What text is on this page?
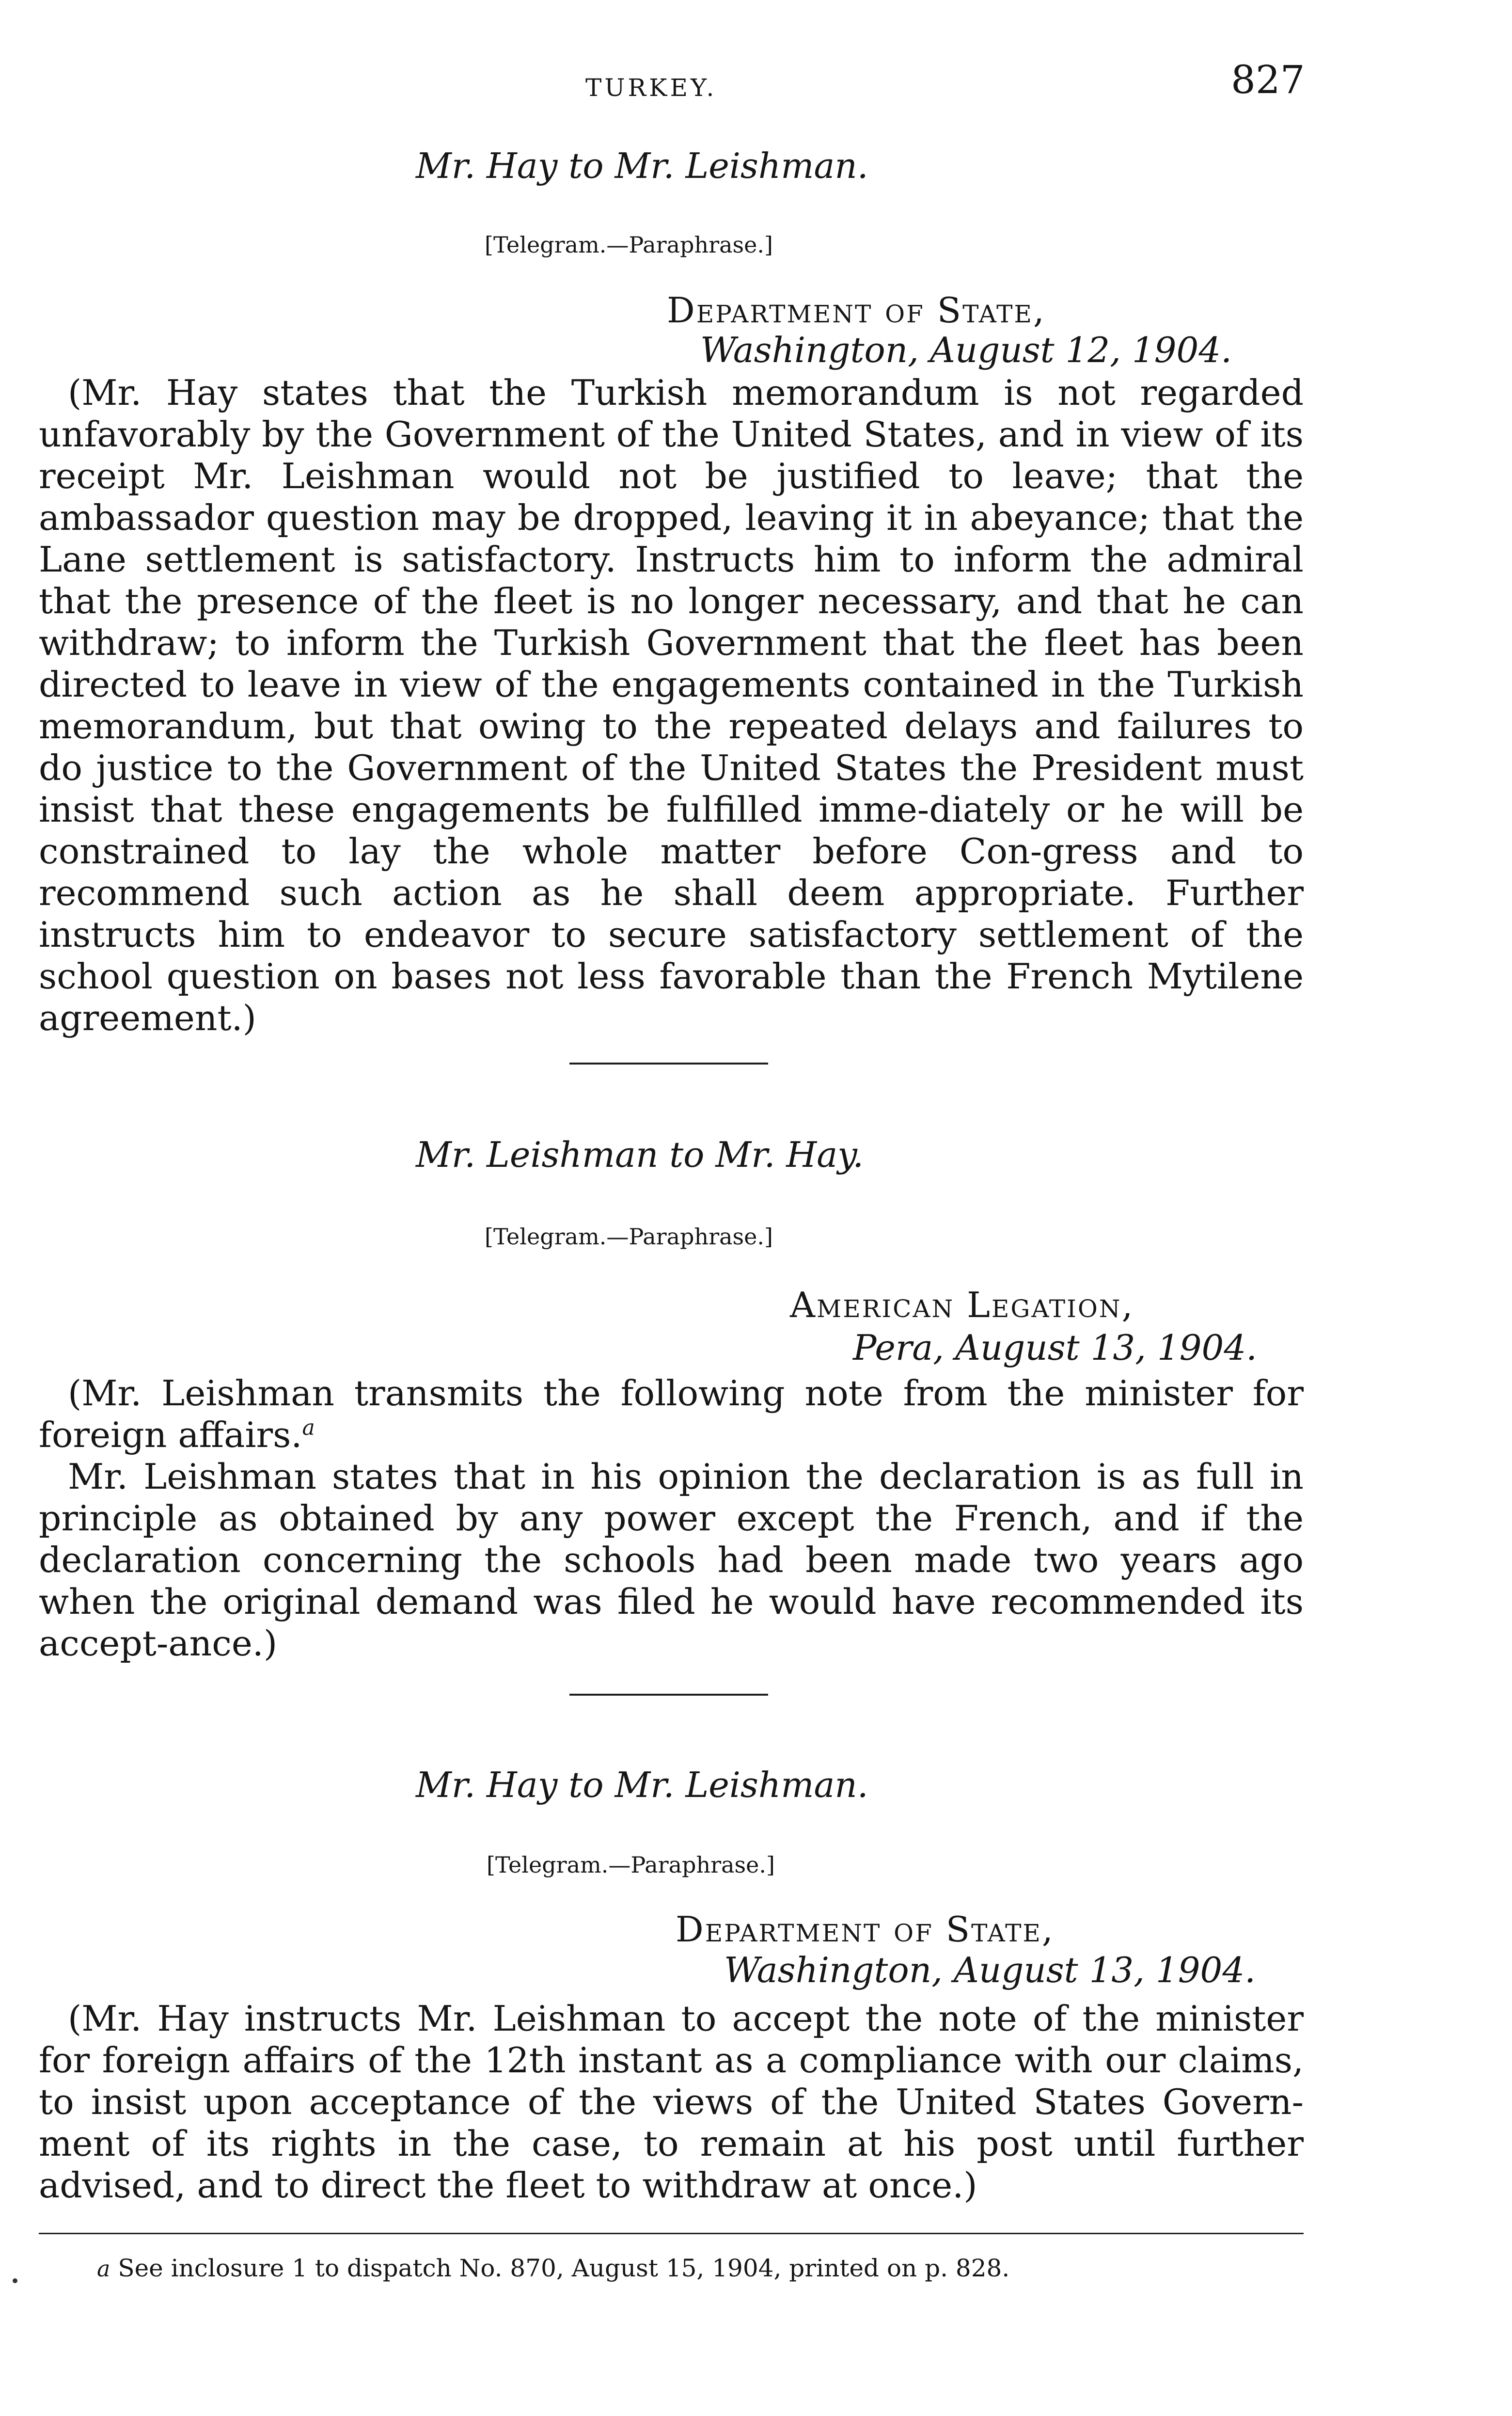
TURKEY.	827
Mr. Hay to Mr. Leishman.
[Telegram.—Paraphrase.]
Department of State,
Washington, August 12, 1904.

(Mr. Hay states that the Turkish memorandum is not regarded unfavorably by the Government of the United States, and in view of its receipt Mr. Leishman would not be justified to leave; that the ambassador question may be dropped, leaving it in abeyance; that the Lane settlement is satisfactory. Instructs him to inform the admiral that the presence of the fleet is no longer necessary, and that he can withdraw; to inform the Turkish Government that the fleet has been directed to leave in view of the engagements contained in the Turkish memorandum, but that owing to the repeated delays and failures to do justice to the Government of the United States the President must insist that these engagements be fulfilled imme-diately or he will be constrained to lay the whole matter before Con-gress and to recommend such action as he shall deem appropriate. Further instructs him to endeavor to secure satisfactory settlement of the school question on bases not less favorable than the French Mytilene agreement.)

Mr. Leishman to Mr. Hay.
[Telegram.—Paraphrase.]
American Legation,
Pera, August 13, 1904.

(Mr. Leishman transmits the following note from the minister for foreign affairs.$^a$

Mr. Leishman states that in his opinion the declaration is as full in principle as obtained by any power except the French, and if the declaration concerning the schools had been made two years ago when the original demand was filed he would have recommended its accept-ance.)

Mr. Hay to Mr. Leishman.
[Telegram.—Paraphrase.]
Department of State,
Washington, August 13, 1904.

(Mr. Hay instructs Mr. Leishman to accept the note of the minister for foreign affairs of the 12th instant as a compliance with our claims, to insist upon acceptance of the views of the United States Govern-ment of its rights in the case, to remain at his post until further advised, and to direct the fleet to withdraw at once.)

a See inclosure 1 to dispatch No. 870, August 15, 1904, printed on p. 828.
